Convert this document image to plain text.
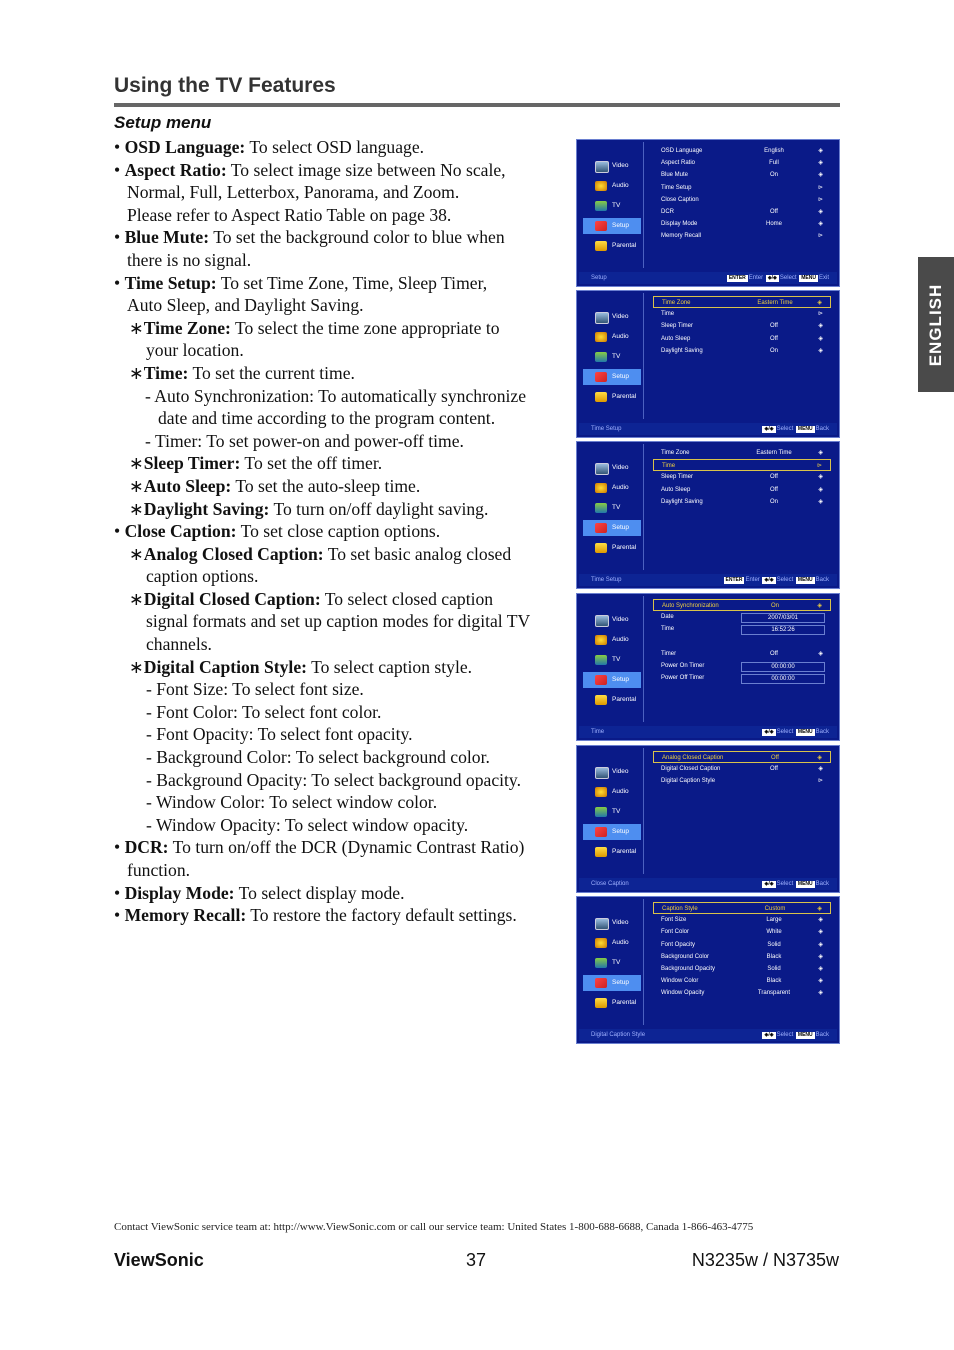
Using the TV Features
Setup menu
ENGLISH
• OSD Language: To select OSD language.
• Aspect Ratio: To select image size between No scale,
Normal, Full, Letterbox, Panorama, and Zoom.
Please refer to Aspect Ratio Table on page 38.
• Blue Mute: To set the background color to blue when
there is no signal.
• Time Setup: To set Time Zone, Time, Sleep Timer,
Auto Sleep, and Daylight Saving.
∗Time Zone: To select the time zone appropriate to
your location.
∗Time: To set the current time.
- Auto Synchronization: To automatically synchronize
date and time according to the program content.
- Timer: To set power-on and power-off time.
∗Sleep Timer: To set the off timer.
∗Auto Sleep: To set the auto-sleep time.
∗Daylight Saving: To turn on/off daylight saving.
• Close Caption: To set close caption options.
∗Analog Closed Caption: To set basic analog closed
caption options.
∗Digital Closed Caption: To select closed caption
signal formats and set up caption modes for digital TV
channels.
∗Digital Caption Style: To select caption style.
- Font Size: To select font size.
- Font Color: To select font color.
- Font Opacity: To select font opacity.
- Background Color: To select background color.
- Background Opacity: To select background opacity.
- Window Color: To select window color.
- Window Opacity: To select window opacity.
• DCR: To turn on/off the DCR (Dynamic Contrast Ratio)
function.
• Display Mode: To select display mode.
• Memory Recall: To restore the factory default settings.
Video
Audio
TV
Setup
Parental
OSD Language	English	◈
Aspect Ratio	Full	◈
Blue Mute	On	◈
Time Setup	⊳
Close Caption	⊳
DCR	Off	◈
Display Mode	Home	◈
Memory Recall	⊳
Setup	ENTER Enter ◈/◈ Select MENU Exit
Video
Audio
TV
Setup
Parental
Time Zone	Eastern Time	◈
Time	⊳
Sleep Timer	Off	◈
Auto Sleep	Off	◈
Daylight Saving	On	◈
Time Setup	◈/◈ Select MENU Back
Video
Audio
TV
Setup
Parental
Time Zone	Eastern Time	◈
Time	⊳
Sleep Timer	Off	◈
Auto Sleep	Off	◈
Daylight Saving	On	◈
Time Setup	ENTER Enter ◈/◈ Select MENU Back
Video
Audio
TV
Setup
Parental
Auto Synchronization	On	◈
Date	2007/03/01
Time	16:52:26
Timer	Off	◈
Power On Timer	00:00:00
Power Off Timer	00:00:00
Time	◈/◈ Select MENU Back
Video
Audio
TV
Setup
Parental
Analog Closed Caption	Off	◈
Digital Closed Caption	Off	◈
Digital Caption Style	⊳
Close Caption	◈/◈ Select MENU Back
Video
Audio
TV
Setup
Parental
Caption Style	Custom	◈
Font Size	Large	◈
Font Color	White	◈
Font Opacity	Solid	◈
Background Color	Black	◈
Background Opacity	Solid	◈
Window Color	Black	◈
Window Opacity	Transparent	◈
Digital Caption Style	◈/◈ Select MENU Back
Contact ViewSonic service team at: http://www.ViewSonic.com or call our service team: United States 1-800-688-6688, Canada 1-866-463-4775
ViewSonic	37	N3235w / N3735w
